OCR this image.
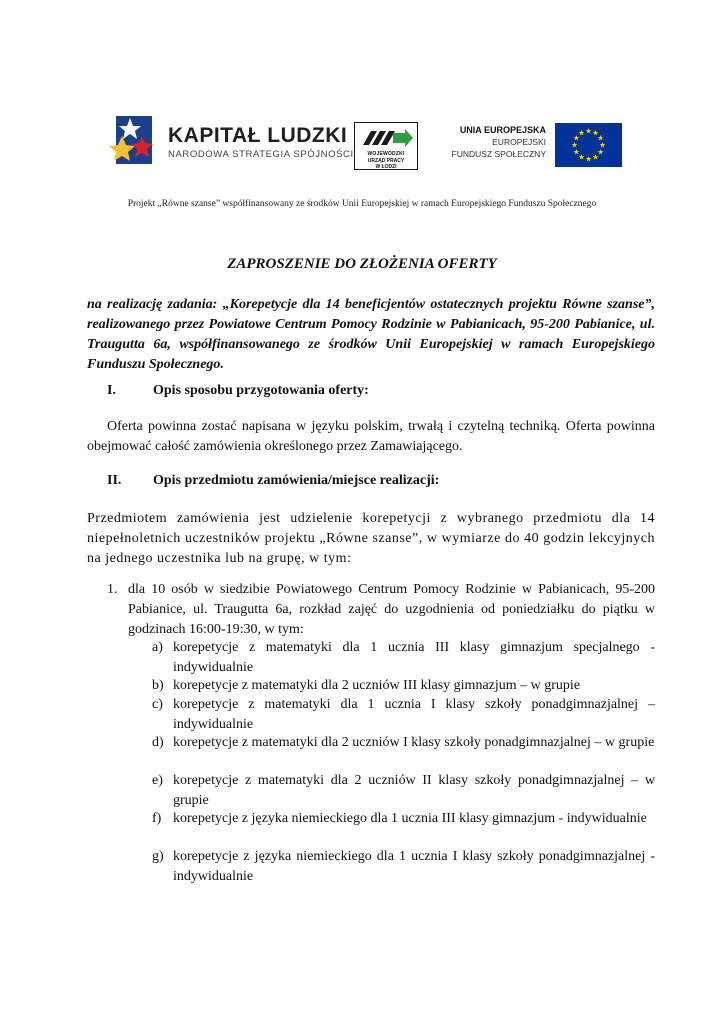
KAPITAŁ LUDZKI
NARODOWA STRATEGIA SPÓJNOŚCI	WOJEWÓDZKI
URZĄD PRACY
W ŁODZI
UNIA EUROPEJSKA
EUROPEJSKI
FUNDUSZ SPOŁECZNY
Projekt „Równe szanse” współfinansowany ze środków Unii Europejskiej w ramach Europejskiego Funduszu Społecznego
ZAPROSZENIE DO ZŁOŻENIA OFERTY
na realizację zadania: „Korepetycje dla 14 beneficjentów ostatecznych projektu Równe szanse”, realizowanego przez Powiatowe Centrum Pomocy Rodzinie w Pabianicach, 95-200 Pabianice, ul. Traugutta 6a, współfinansowanego ze środków Unii Europejskiej w ramach Europejskiego Funduszu Społecznego.
I.	Opis sposobu przygotowania oferty:
Oferta powinna zostać napisana w języku polskim, trwałą i czytelną techniką. Oferta powinna obejmować całość zamówienia określonego przez Zamawiającego.
II. Opis przedmiotu zamówienia/miejsce realizacji:
Przedmiotem zamówienia jest udzielenie korepetycji z wybranego przedmiotu dla 14 niepełnoletnich uczestników projektu „Równe szanse”, w wymiarze do 40 godzin lekcyjnych na jednego uczestnika lub na grupę, w tym:
1. dla 10 osób w siedzibie Powiatowego Centrum Pomocy Rodzinie w Pabianicach, 95-200 Pabianice, ul. Traugutta 6a, rozkład zajęć do uzgodnienia od poniedziałku do piątku w godzinach 16:00-19:30, w tym:
a) korepetycje z matematyki dla 1 ucznia III klasy gimnazjum specjalnego - indywidualnie
b) korepetycje z matematyki dla 2 uczniów III klasy gimnazjum – w grupie
c) korepetycje z matematyki dla 1 ucznia I klasy szkoły ponadgimnazjalnej – indywidualnie
d) korepetycje z matematyki dla 2 uczniów I klasy szkoły ponadgimnazjalnej – w grupie
e) korepetycje z matematyki dla 2 uczniów II klasy szkoły ponadgimnazjalnej – w grupie
f) korepetycje z języka niemieckiego dla 1 ucznia III klasy gimnazjum - indywidualnie
g) korepetycje z języka niemieckiego dla 1 ucznia I klasy szkoły ponadgimnazjalnej - indywidualnie
